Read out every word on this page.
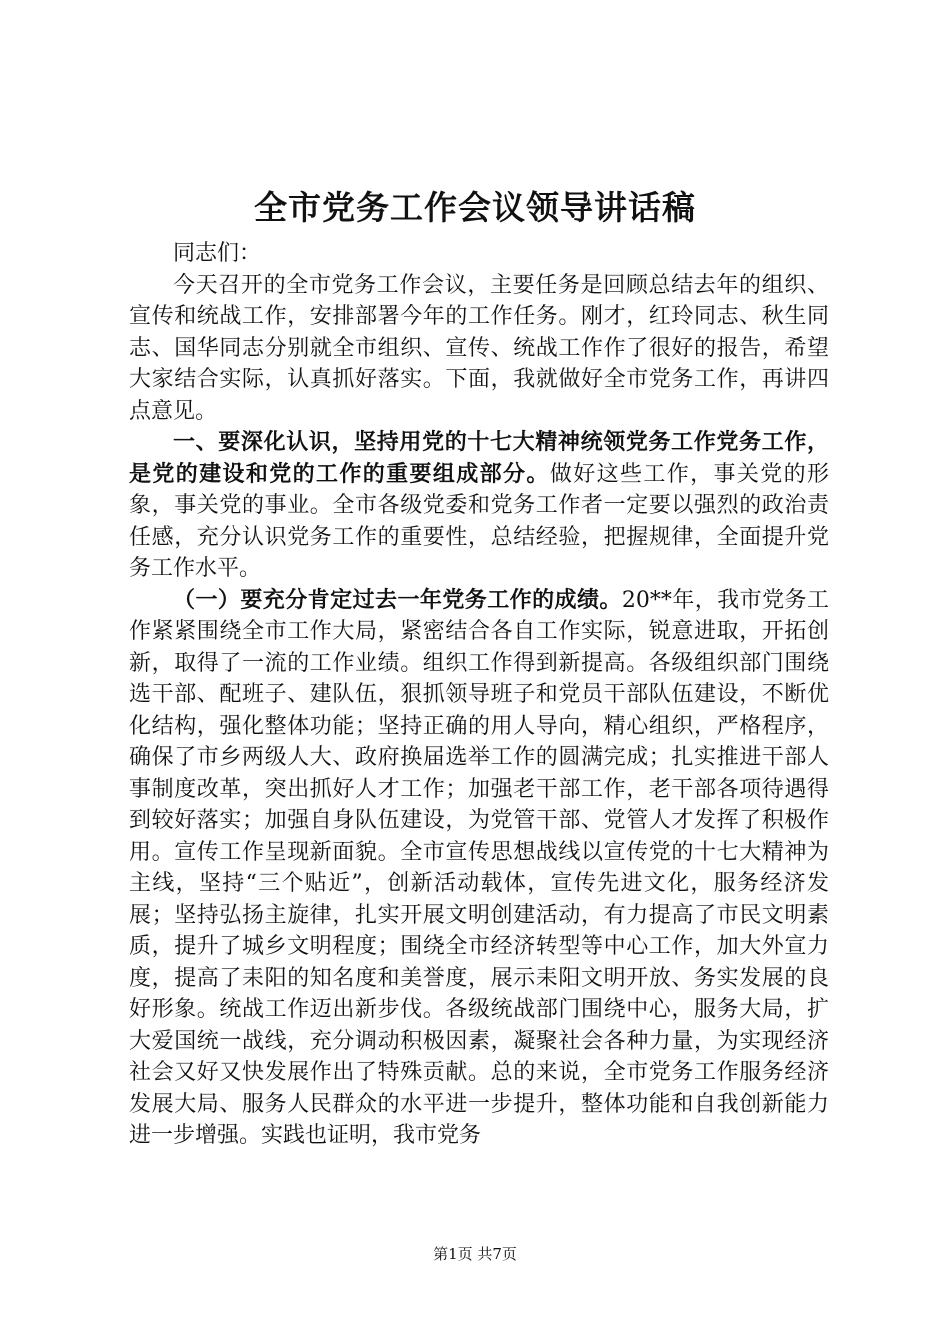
全市党务工作会议领导讲话稿

同志们：

今天召开的全市党务工作会议，主要任务是回顾总结去年的组织、宣传和统战工作，安排部署今年的工作任务。刚才，红玲同志、秋生同志、国华同志分别就全市组织、宣传、统战工作作了很好的报告，希望大家结合实际，认真抓好落实。下面，我就做好全市党务工作，再讲四点意见。

一、要深化认识，坚持用党的十七大精神统领党务工作党务工作，是党的建设和党的工作的重要组成部分。做好这些工作，事关党的形象，事关党的事业。全市各级党委和党务工作者一定要以强烈的政治责任感，充分认识党务工作的重要性，总结经验，把握规律，全面提升党务工作水平。

（一）要充分肯定过去一年党务工作的成绩。20**年，我市党务工作紧紧围绕全市工作大局，紧密结合各自工作实际，锐意进取，开拓创新，取得了一流的工作业绩。组织工作得到新提高。各级组织部门围绕选干部、配班子、建队伍，狠抓领导班子和党员干部队伍建设，不断优化结构，强化整体功能；坚持正确的用人导向，精心组织，严格程序，确保了市乡两级人大、政府换届选举工作的圆满完成；扎实推进干部人事制度改革，突出抓好人才工作；加强老干部工作，老干部各项待遇得到较好落实；加强自身队伍建设，为党管干部、党管人才发挥了积极作用。宣传工作呈现新面貌。全市宣传思想战线以宣传党的十七大精神为主线，坚持“三个贴近”，创新活动载体，宣传先进文化，服务经济发展；坚持弘扬主旋律，扎实开展文明创建活动，有力提高了市民文明素质，提升了城乡文明程度；围绕全市经济转型等中心工作，加大外宣力度，提高了耒阳的知名度和美誉度，展示耒阳文明开放、务实发展的良好形象。统战工作迈出新步伐。各级统战部门围绕中心，服务大局，扩大爱国统一战线，充分调动积极因素，凝聚社会各种力量，为实现经济社会又好又快发展作出了特殊贡献。总的来说，全市党务工作服务经济发展大局、服务人民群众的水平进一步提升，整体功能和自我创新能力进一步增强。实践也证明，我市党务

第1页 共7页
